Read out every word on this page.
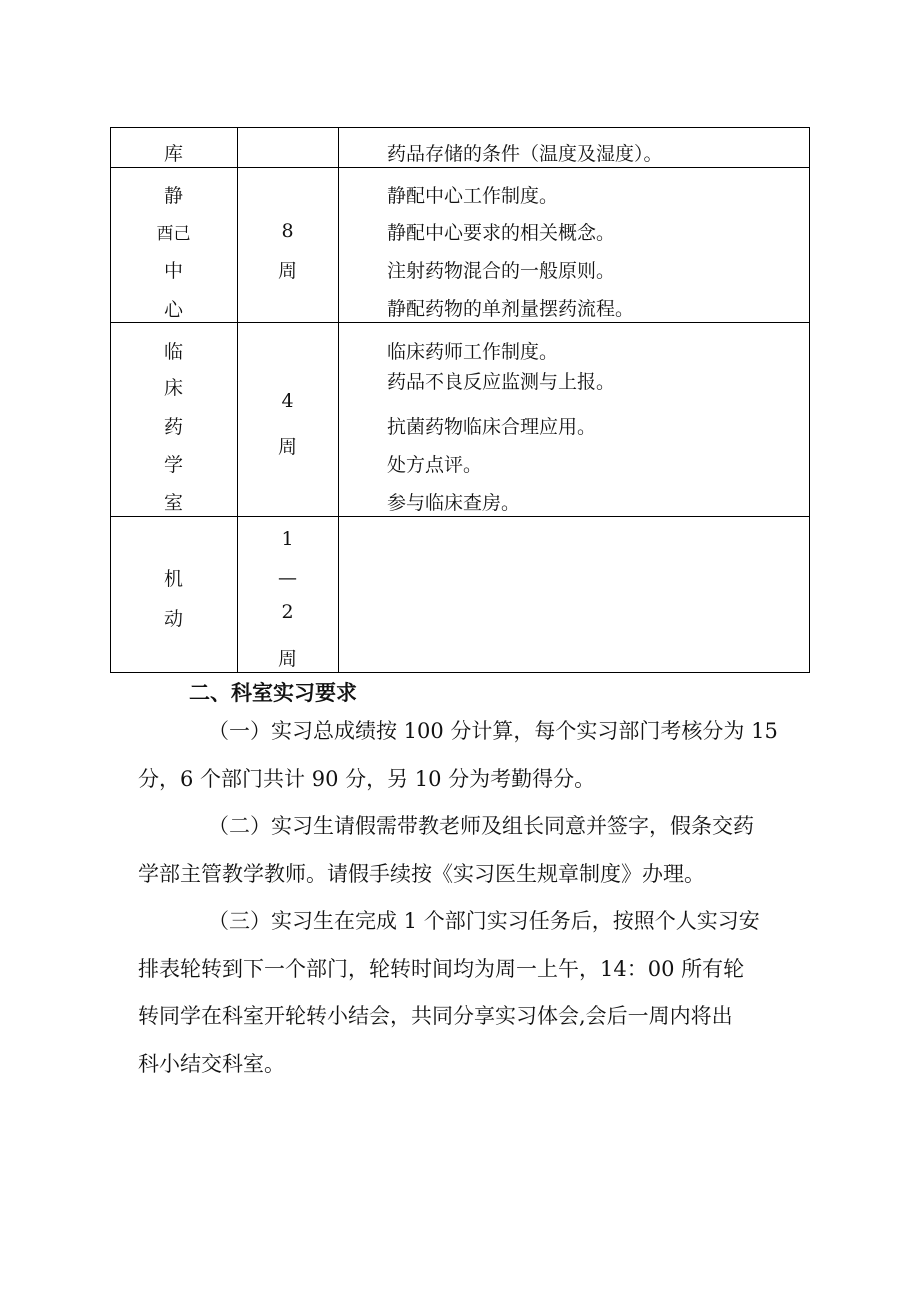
库	药品存储的条件（温度及湿度）。
静
酉己
中
心
8
周
静配中心工作制度。
静配中心要求的相关概念。
注射药物混合的一般原则。
静配药物的单剂量摆药流程。
临
床
药
学
室
4
周
临床药师工作制度。
药品不良反应监测与上报。
抗菌药物临床合理应用。
处方点评。
参与临床查房。
机
动
1
—
2
周
二、科室实习要求
（一）实习总成绩按 100 分计算，每个实习部门考核分为 15
分，6 个部门共计 90 分，另 10 分为考勤得分。
（二）实习生请假需带教老师及组长同意并签字，假条交药
学部主管教学教师。请假手续按《实习医生规章制度》办理。
（三）实习生在完成 1 个部门实习任务后，按照个人实习安
排表轮转到下一个部门，轮转时间均为周一上午，14：00 所有轮
转同学在科室开轮转小结会，共同分享实习体会,会后一周内将出
科小结交科室。
